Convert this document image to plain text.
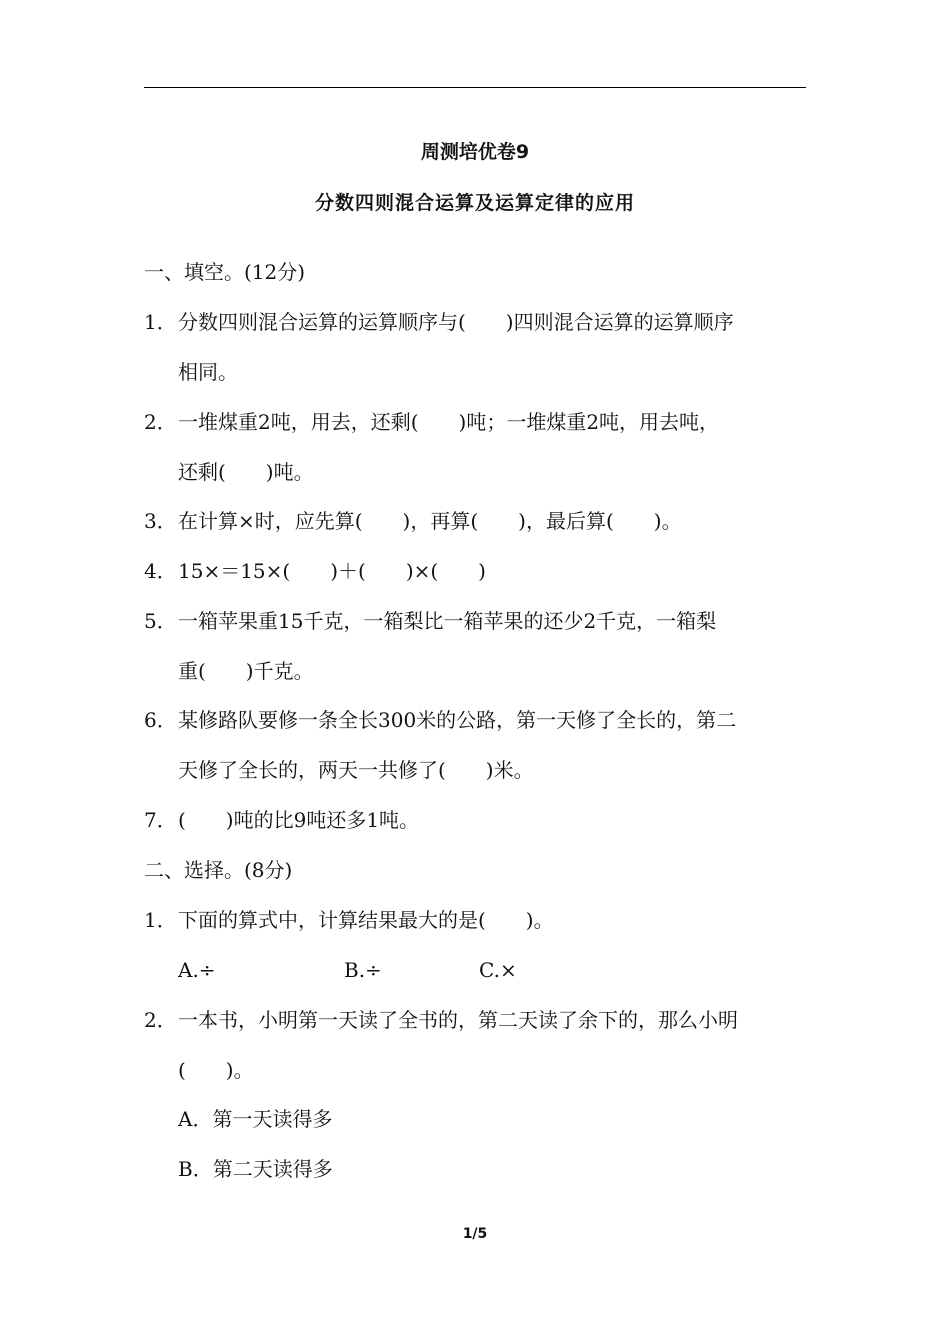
周测培优卷9
分数四则混合运算及运算定律的应用
一、填空。(12分)
1．分数四则混合运算的运算顺序与(　　)四则混合运算的运算顺序
相同。
2．一堆煤重2吨，用去，还剩(　　)吨；一堆煤重2吨，用去吨，
还剩(　　)吨。
3．在计算×时，应先算(　　)，再算(　　)，最后算(　　)。
4．15×＝15×(　　)＋(　　)×(　　)
5．一箱苹果重15千克，一箱梨比一箱苹果的还少2千克，一箱梨
重(　　)千克。
6．某修路队要修一条全长300米的公路，第一天修了全长的，第二
天修了全长的，两天一共修了(　　)米。
7．(　　)吨的比9吨还多1吨。
二、选择。(8分)
1．下面的算式中，计算结果最大的是(　　)。
A.÷	B.÷	C.×
2．一本书，小明第一天读了全书的，第二天读了余下的，那么小明
(　　)。
A．第一天读得多
B．第二天读得多
1/5
